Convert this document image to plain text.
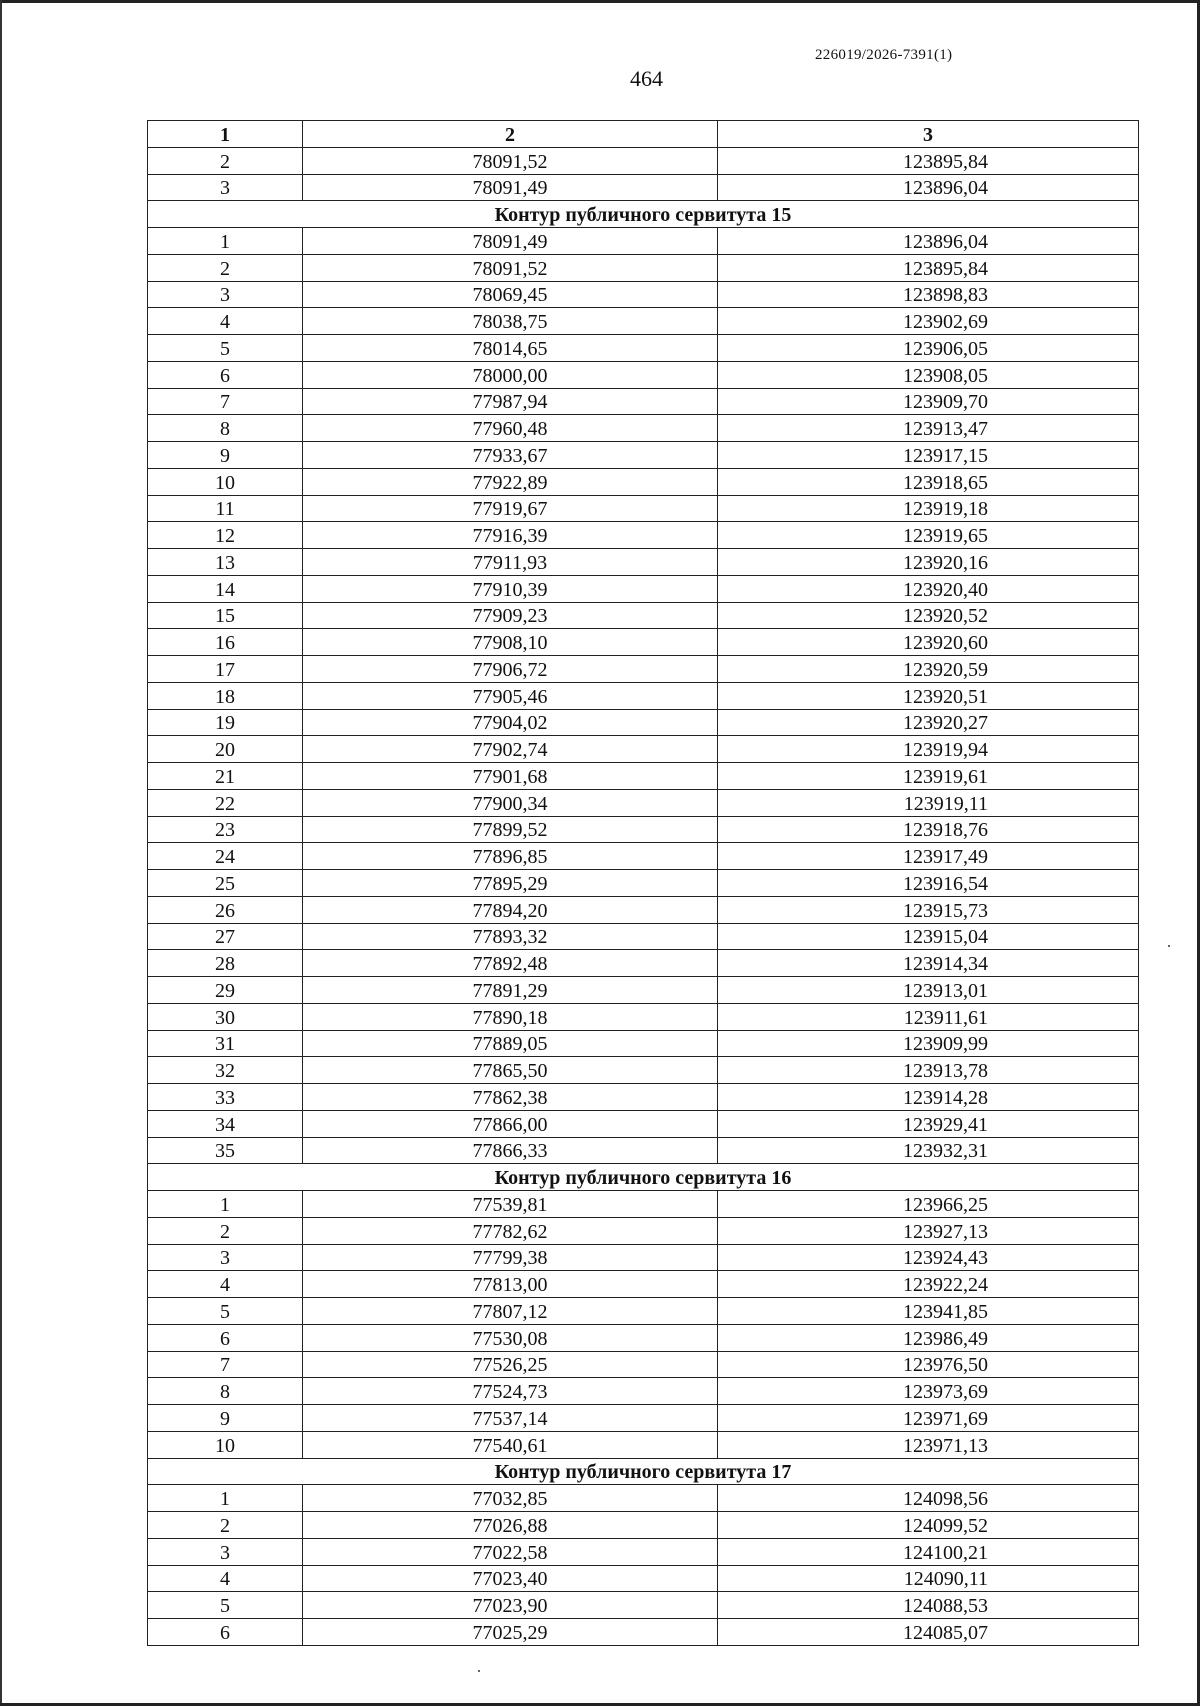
226019/2026-7391(1)
464
1	2	3
2	78091,52	123895,84
3	78091,49	123896,04
Контур публичного сервитута 15		
1	78091,49	123896,04
2	78091,52	123895,84
3	78069,45	123898,83
4	78038,75	123902,69
5	78014,65	123906,05
6	78000,00	123908,05
7	77987,94	123909,70
8	77960,48	123913,47
9	77933,67	123917,15
10	77922,89	123918,65
11	77919,67	123919,18
12	77916,39	123919,65
13	77911,93	123920,16
14	77910,39	123920,40
15	77909,23	123920,52
16	77908,10	123920,60
17	77906,72	123920,59
18	77905,46	123920,51
19	77904,02	123920,27
20	77902,74	123919,94
21	77901,68	123919,61
22	77900,34	123919,11
23	77899,52	123918,76
24	77896,85	123917,49
25	77895,29	123916,54
26	77894,20	123915,73
27	77893,32	123915,04
28	77892,48	123914,34
29	77891,29	123913,01
30	77890,18	123911,61
31	77889,05	123909,99
32	77865,50	123913,78
33	77862,38	123914,28
34	77866,00	123929,41
35	77866,33	123932,31
Контур публичного сервитута 16		
1	77539,81	123966,25
2	77782,62	123927,13
3	77799,38	123924,43
4	77813,00	123922,24
5	77807,12	123941,85
6	77530,08	123986,49
7	77526,25	123976,50
8	77524,73	123973,69
9	77537,14	123971,69
10	77540,61	123971,13
Контур публичного сервитута 17		
1	77032,85	124098,56
2	77026,88	124099,52
3	77022,58	124100,21
4	77023,40	124090,11
5	77023,90	124088,53
6	77025,29	124085,07
